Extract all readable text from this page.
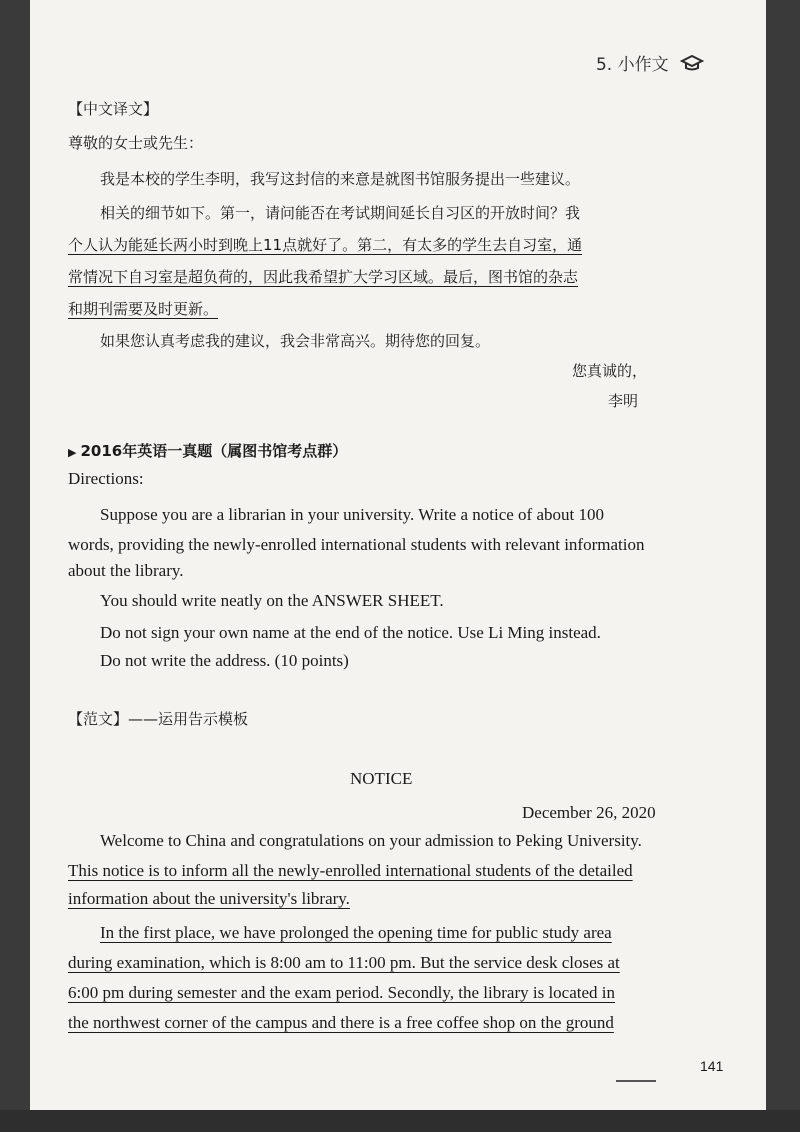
5. 小作文
【中文译文】
尊敬的女士或先生：
我是本校的学生李明，我写这封信的来意是就图书馆服务提出一些建议。
相关的细节如下。第一，请问能否在考试期间延长自习区的开放时间？我
个人认为能延长两小时到晚上11点就好了。第二，有太多的学生去自习室，通
常情况下自习室是超负荷的，因此我希望扩大学习区域。最后，图书馆的杂志
和期刊需要及时更新。
如果您认真考虑我的建议，我会非常高兴。期待您的回复。
您真诚的，
李明
▶ 2016年英语一真题（属图书馆考点群）
Directions:
Suppose you are a librarian in your university. Write a notice of about 100
words, providing the newly-enrolled international students with relevant information
about the library.
You should write neatly on the ANSWER SHEET.
Do not sign your own name at the end of the notice. Use Li Ming instead.
Do not write the address. (10 points)
【范文】——运用告示模板
NOTICE
December 26, 2020
Welcome to China and congratulations on your admission to Peking University.
This notice is to inform all the newly-enrolled international students of the detailed
information about the university's library.
In the first place, we have prolonged the opening time for public study area
during examination, which is 8:00 am to 11:00 pm. But the service desk closes at
6:00 pm during semester and the exam period. Secondly, the library is located in
the northwest corner of the campus and there is a free coffee shop on the ground
141
